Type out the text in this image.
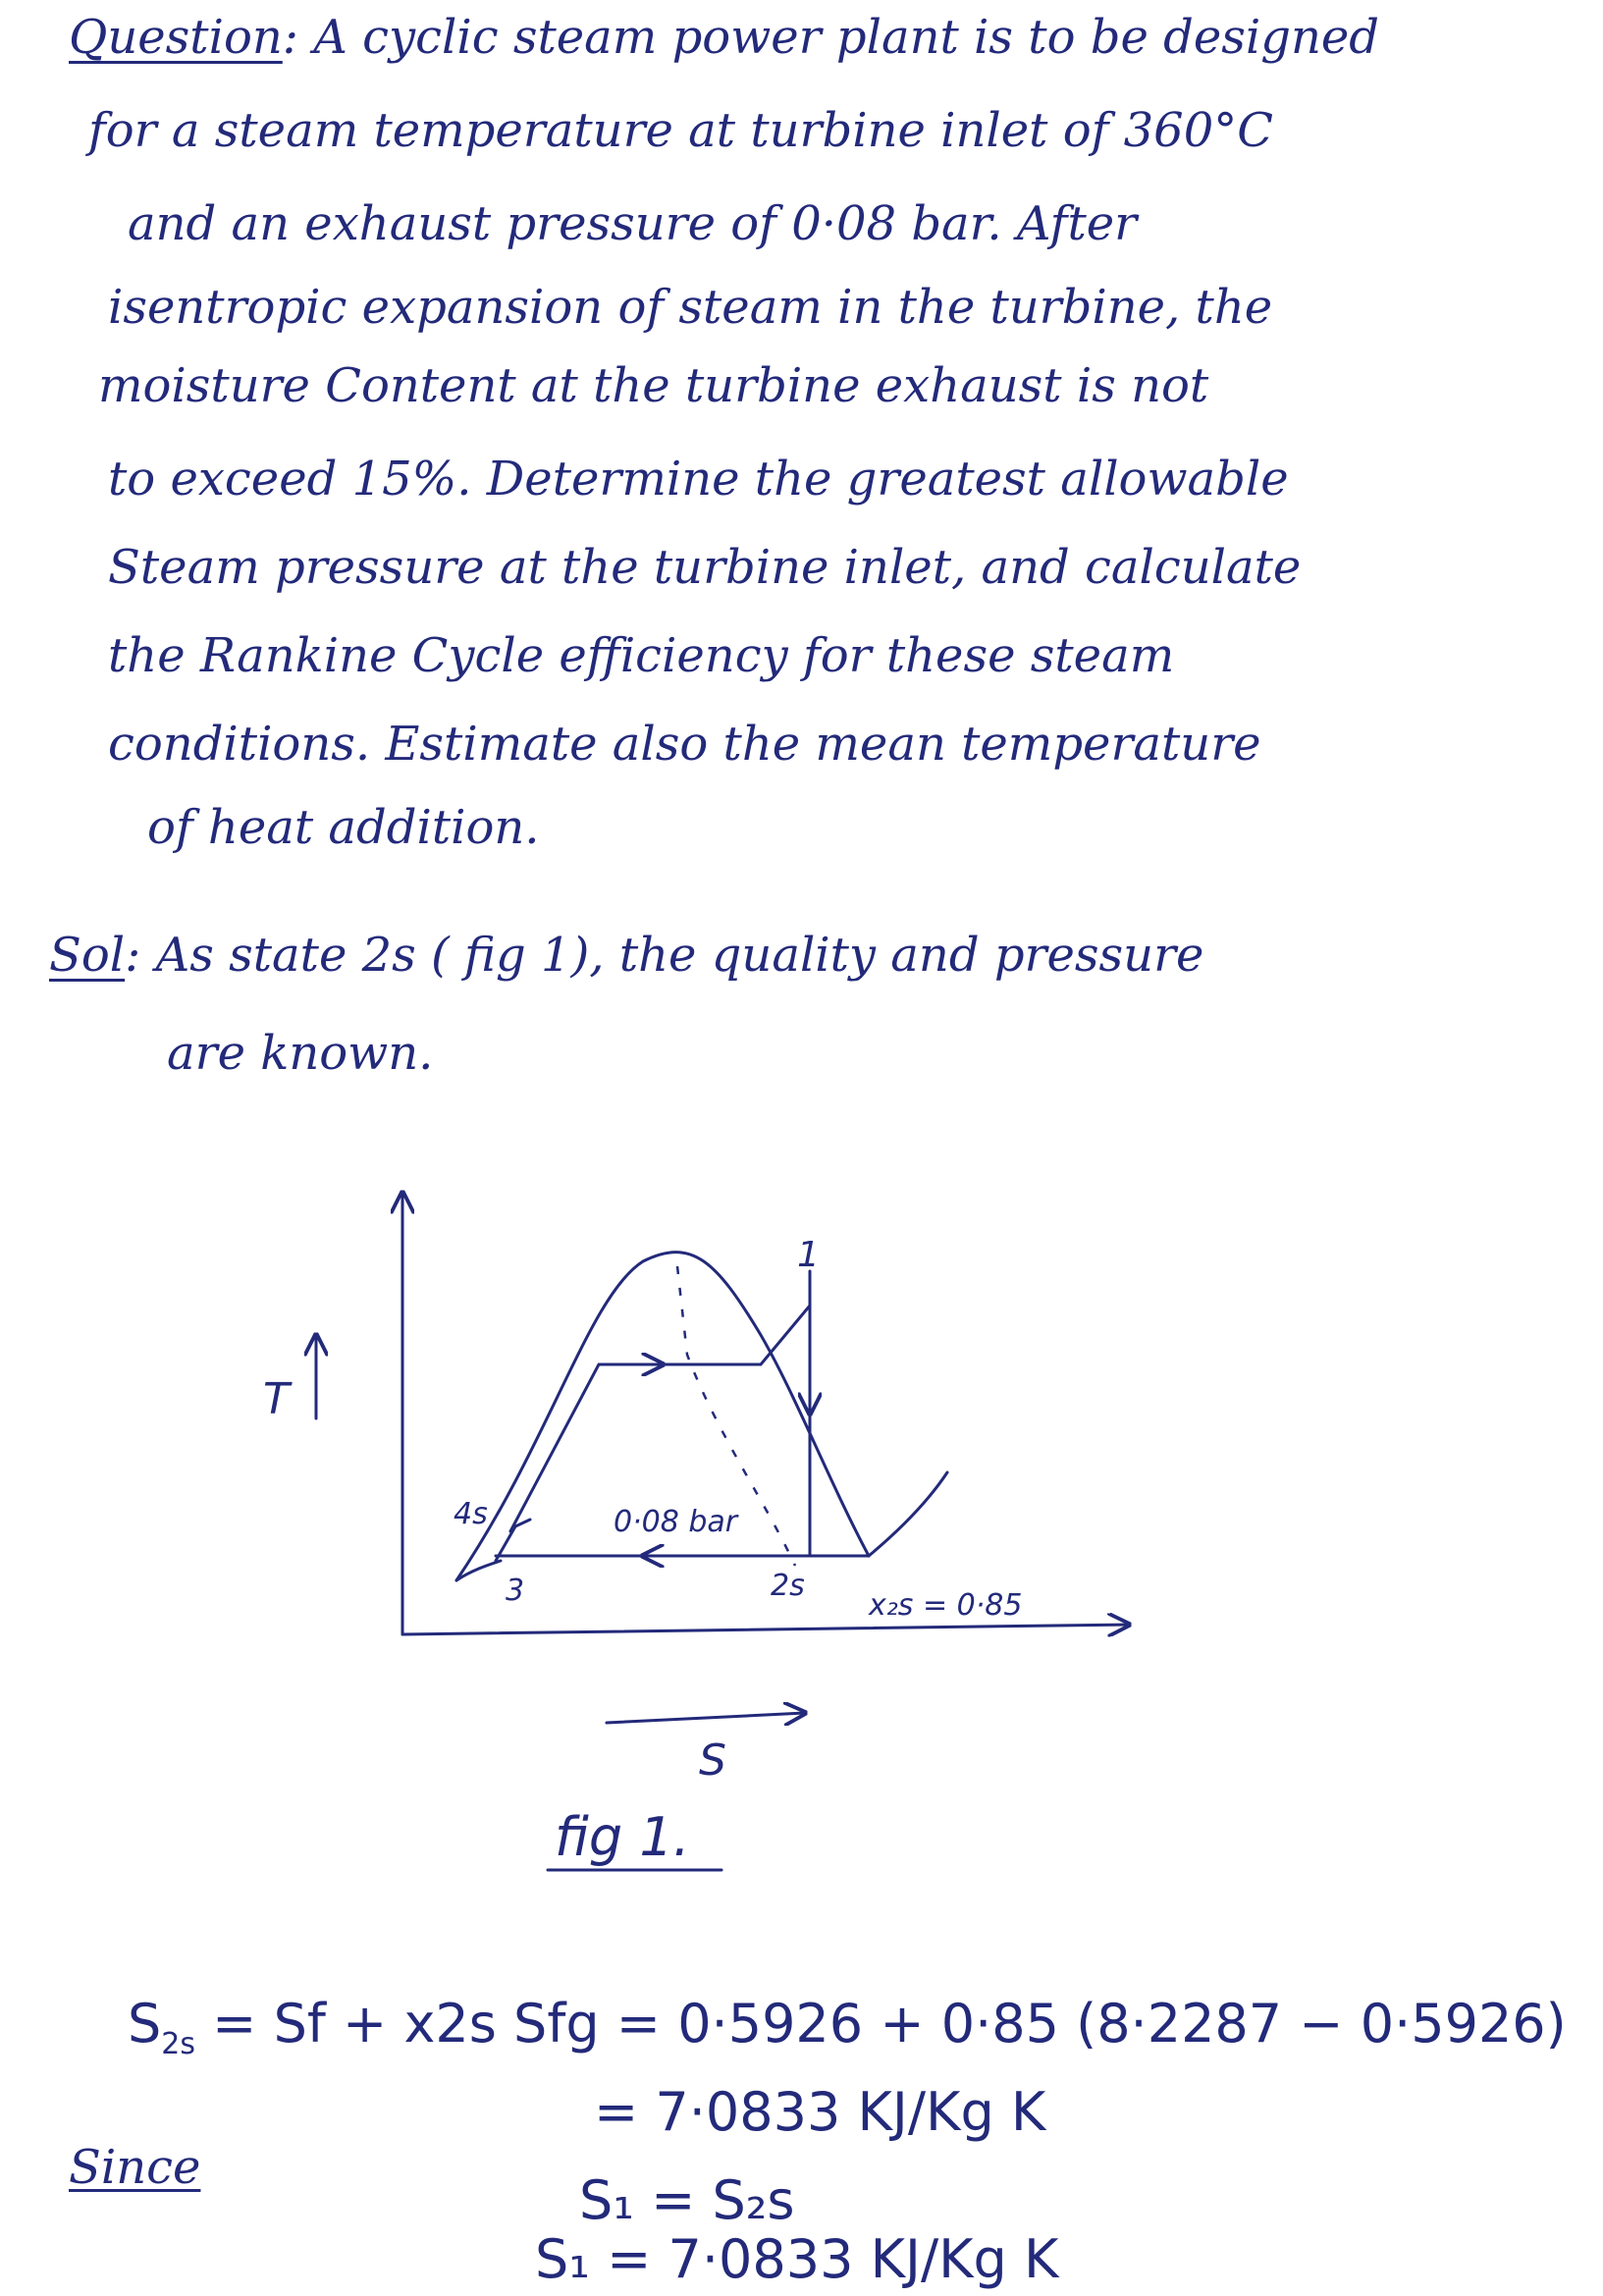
Question: A cyclic steam power plant is to be designed
for a steam temperature at turbine inlet of 360°C
and an exhaust pressure of 0·08 bar. After
isentropic expansion of steam in the turbine, the
moisture Content at the turbine exhaust is not
to exceed 15%. Determine the greatest allowable
Steam pressure at the turbine inlet, and calculate
the Rankine Cycle efficiency for these steam
conditions. Estimate also the mean temperature
of heat addition.
Sol: As state 2s ( fig 1), the quality and pressure
are known.
T
1
4s
3	2s
0·08 bar
x₂s = 0·85
S
fig 1.
$S_{2s} = Sf + x2s$ Sfg = 0·5926 + 0·85 (8·2287 − 0·5926)
= 7·0833 KJ/Kg K
Since
S₁ = S₂s
S₁ = 7·0833 KJ/Kg K
